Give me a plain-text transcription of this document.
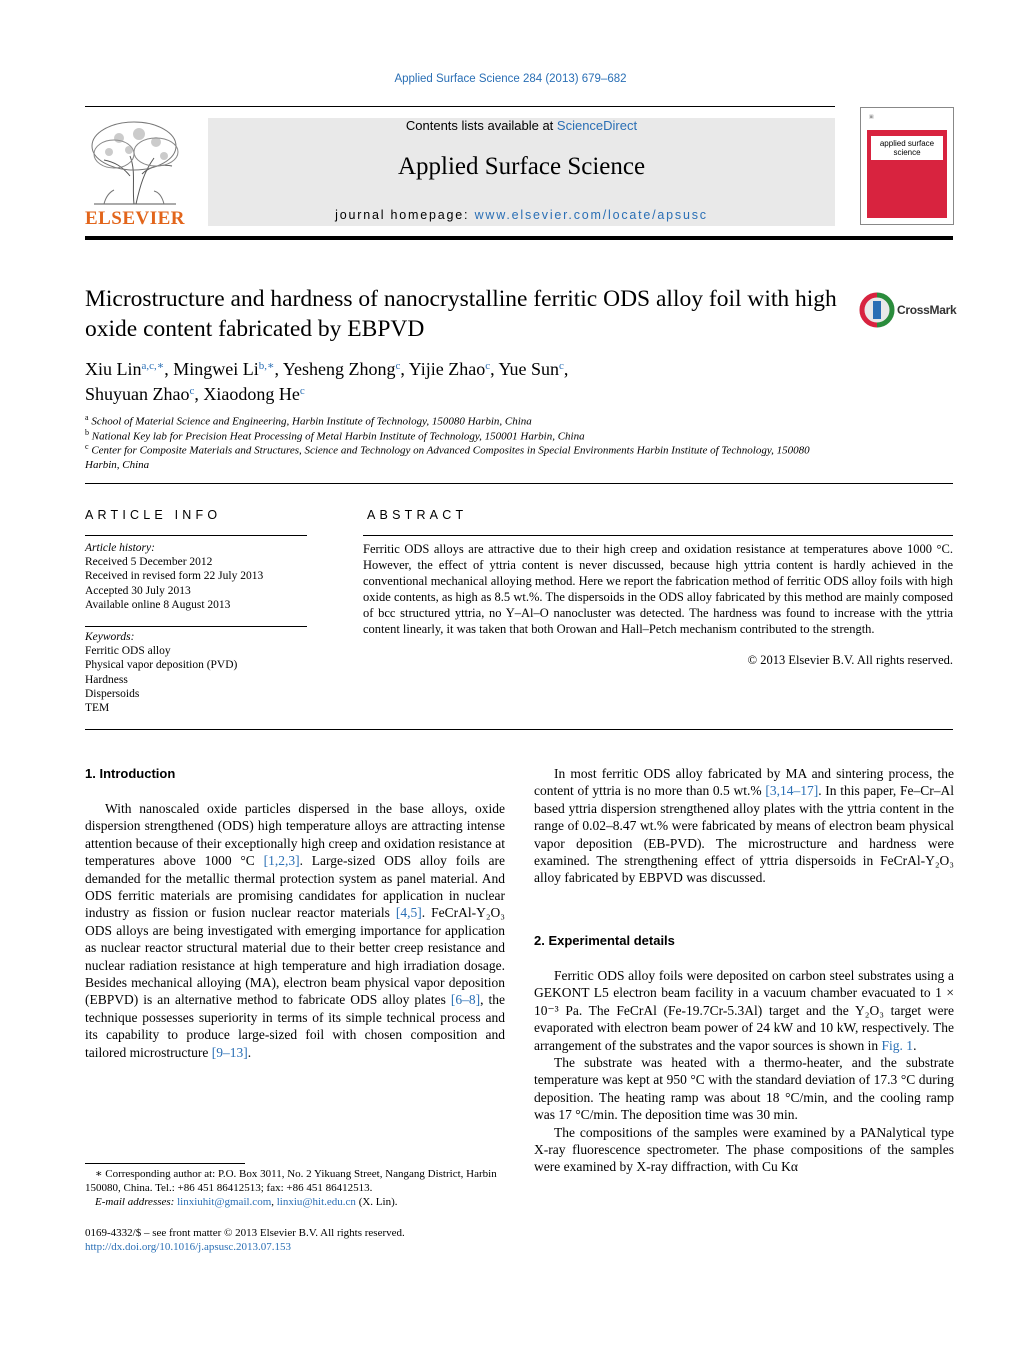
Applied Surface Science 284 (2013) 679–682
ELSEVIER
Contents lists available at ScienceDirect
Applied Surface Science
journal homepage: www.elsevier.com/locate/apsusc
▣
applied surface science
Microstructure and hardness of nanocrystalline ferritic ODS alloy foil with high oxide content fabricated by EBPVD
CrossMark
Xiu Lin$^{a,c,∗}$, Mingwei $Li^{b,∗}$, Yesheng Zhong$^c$, Yijie Zhao$^c$, Yue Sun$^c$,
Shuyuan Zhao$^c$, Xiaodong He$^c$
$^a$ School of Material Science and Engineering, Harbin Institute of Technology, 150080 Harbin, China
$^b$ National Key lab for Precision Heat Processing of Metal Harbin Institute of Technology, 150001 Harbin, China
$^c$ Center for Composite Materials and Structures, Science and Technology on Advanced Composites in Special Environments Harbin Institute of Technology, 150080 Harbin, China
ARTICLE INFO
Article history:
Received 5 December 2012
Received in revised form 22 July 2013
Accepted 30 July 2013
Available online 8 August 2013
Keywords:
Ferritic ODS alloy
Physical vapor deposition (PVD)
Hardness
Dispersoids
TEM
ABSTRACT
Ferritic ODS alloys are attractive due to their high creep and oxidation resistance at temperatures above 1000 °C. However, the effect of yttria content is never discussed, because high yttria content is hardly achieved in the conventional mechanical alloying method. Here we report the fabrication method of ferritic ODS alloy foils with high oxide contents, as high as 8.5 wt.%. The dispersoids in the ODS alloy fabricated by this method are mainly composed of bcc structured yttria, no Y–Al–O nanocluster was detected. The hardness was found to increase with the yttria content linearly, it was taken that both Orowan and Hall–Petch mechanism contributed to the strength.
© 2013 Elsevier B.V. All rights reserved.
1. Introduction

With nanoscaled oxide particles dispersed in the base alloys, oxide dispersion strengthened (ODS) high temperature alloys are attracting intense attention because of their exceptionally high creep and oxidation resistance at temperatures above 1000 °C [1,2,3]. Large-sized ODS alloy foils are demanded for the metallic thermal protection system as panel material. And ODS ferritic materials are promising candidates for application in nuclear industry as fission or fusion nuclear reactor materials [4,5]. FeCrAl-Y₂O₃ ODS alloys are being investigated with emerging importance for application as nuclear reactor structural material due to their better creep resistance and nuclear radiation resistance at high temperature and high irradiation dosage. Besides mechanical alloying (MA), electron beam physical vapor deposition (EBPVD) is an alternative method to fabricate ODS alloy plates [6–8], the technique possesses superiority in terms of its simple technical process and its capability to produce large-sized foil with chosen composition and tailored microstructure [9–13].

∗ Corresponding author at: P.O. Box 3011, No. 2 Yikuang Street, Nangang District, Harbin 150080, China. Tel.: +86 451 86412513; fax: +86 451 86412513.
E-mail addresses: linxiuhit@gmail.com, linxiu@hit.edu.cn (X. Lin).
0169-4332/$ – see front matter © 2013 Elsevier B.V. All rights reserved.
http://dx.doi.org/10.1016/j.apsusc.2013.07.153

In most ferritic ODS alloy fabricated by MA and sintering process, the content of yttria is no more than 0.5 wt.% [3,14–17]. In this paper, Fe–Cr–Al based yttria dispersion strengthened alloy plates with the yttria content in the range of 0.02–8.47 wt.% were fabricated by means of electron beam physical vapor deposition (EB-PVD). The microstructure and hardness were examined. The strengthening effect of yttria dispersoids in FeCrAl-Y₂O₃ alloy fabricated by EBPVD was discussed.

2. Experimental details

Ferritic ODS alloy foils were deposited on carbon steel substrates using a GEKONT L5 electron beam facility in a vacuum chamber evacuated to 1 × 10⁻³ Pa. The FeCrAl (Fe-19.7Cr-5.3Al) target and the Y₂O₃ target were evaporated with electron beam power of 24 kW and 10 kW, respectively. The arrangement of the substrates and the vapor sources is shown in Fig. 1.

The substrate was heated with a thermo-heater, and the substrate temperature was kept at 950 °C with the standard deviation of 17.3 °C during deposition. The heating ramp was about 18 °C/min, and the cooling ramp was 17 °C/min. The deposition time was 30 min.

The compositions of the samples were examined by a PANalytical type X-ray fluorescence spectrometer. The phase compositions of the samples were examined by X-ray diffraction, with Cu Kα
